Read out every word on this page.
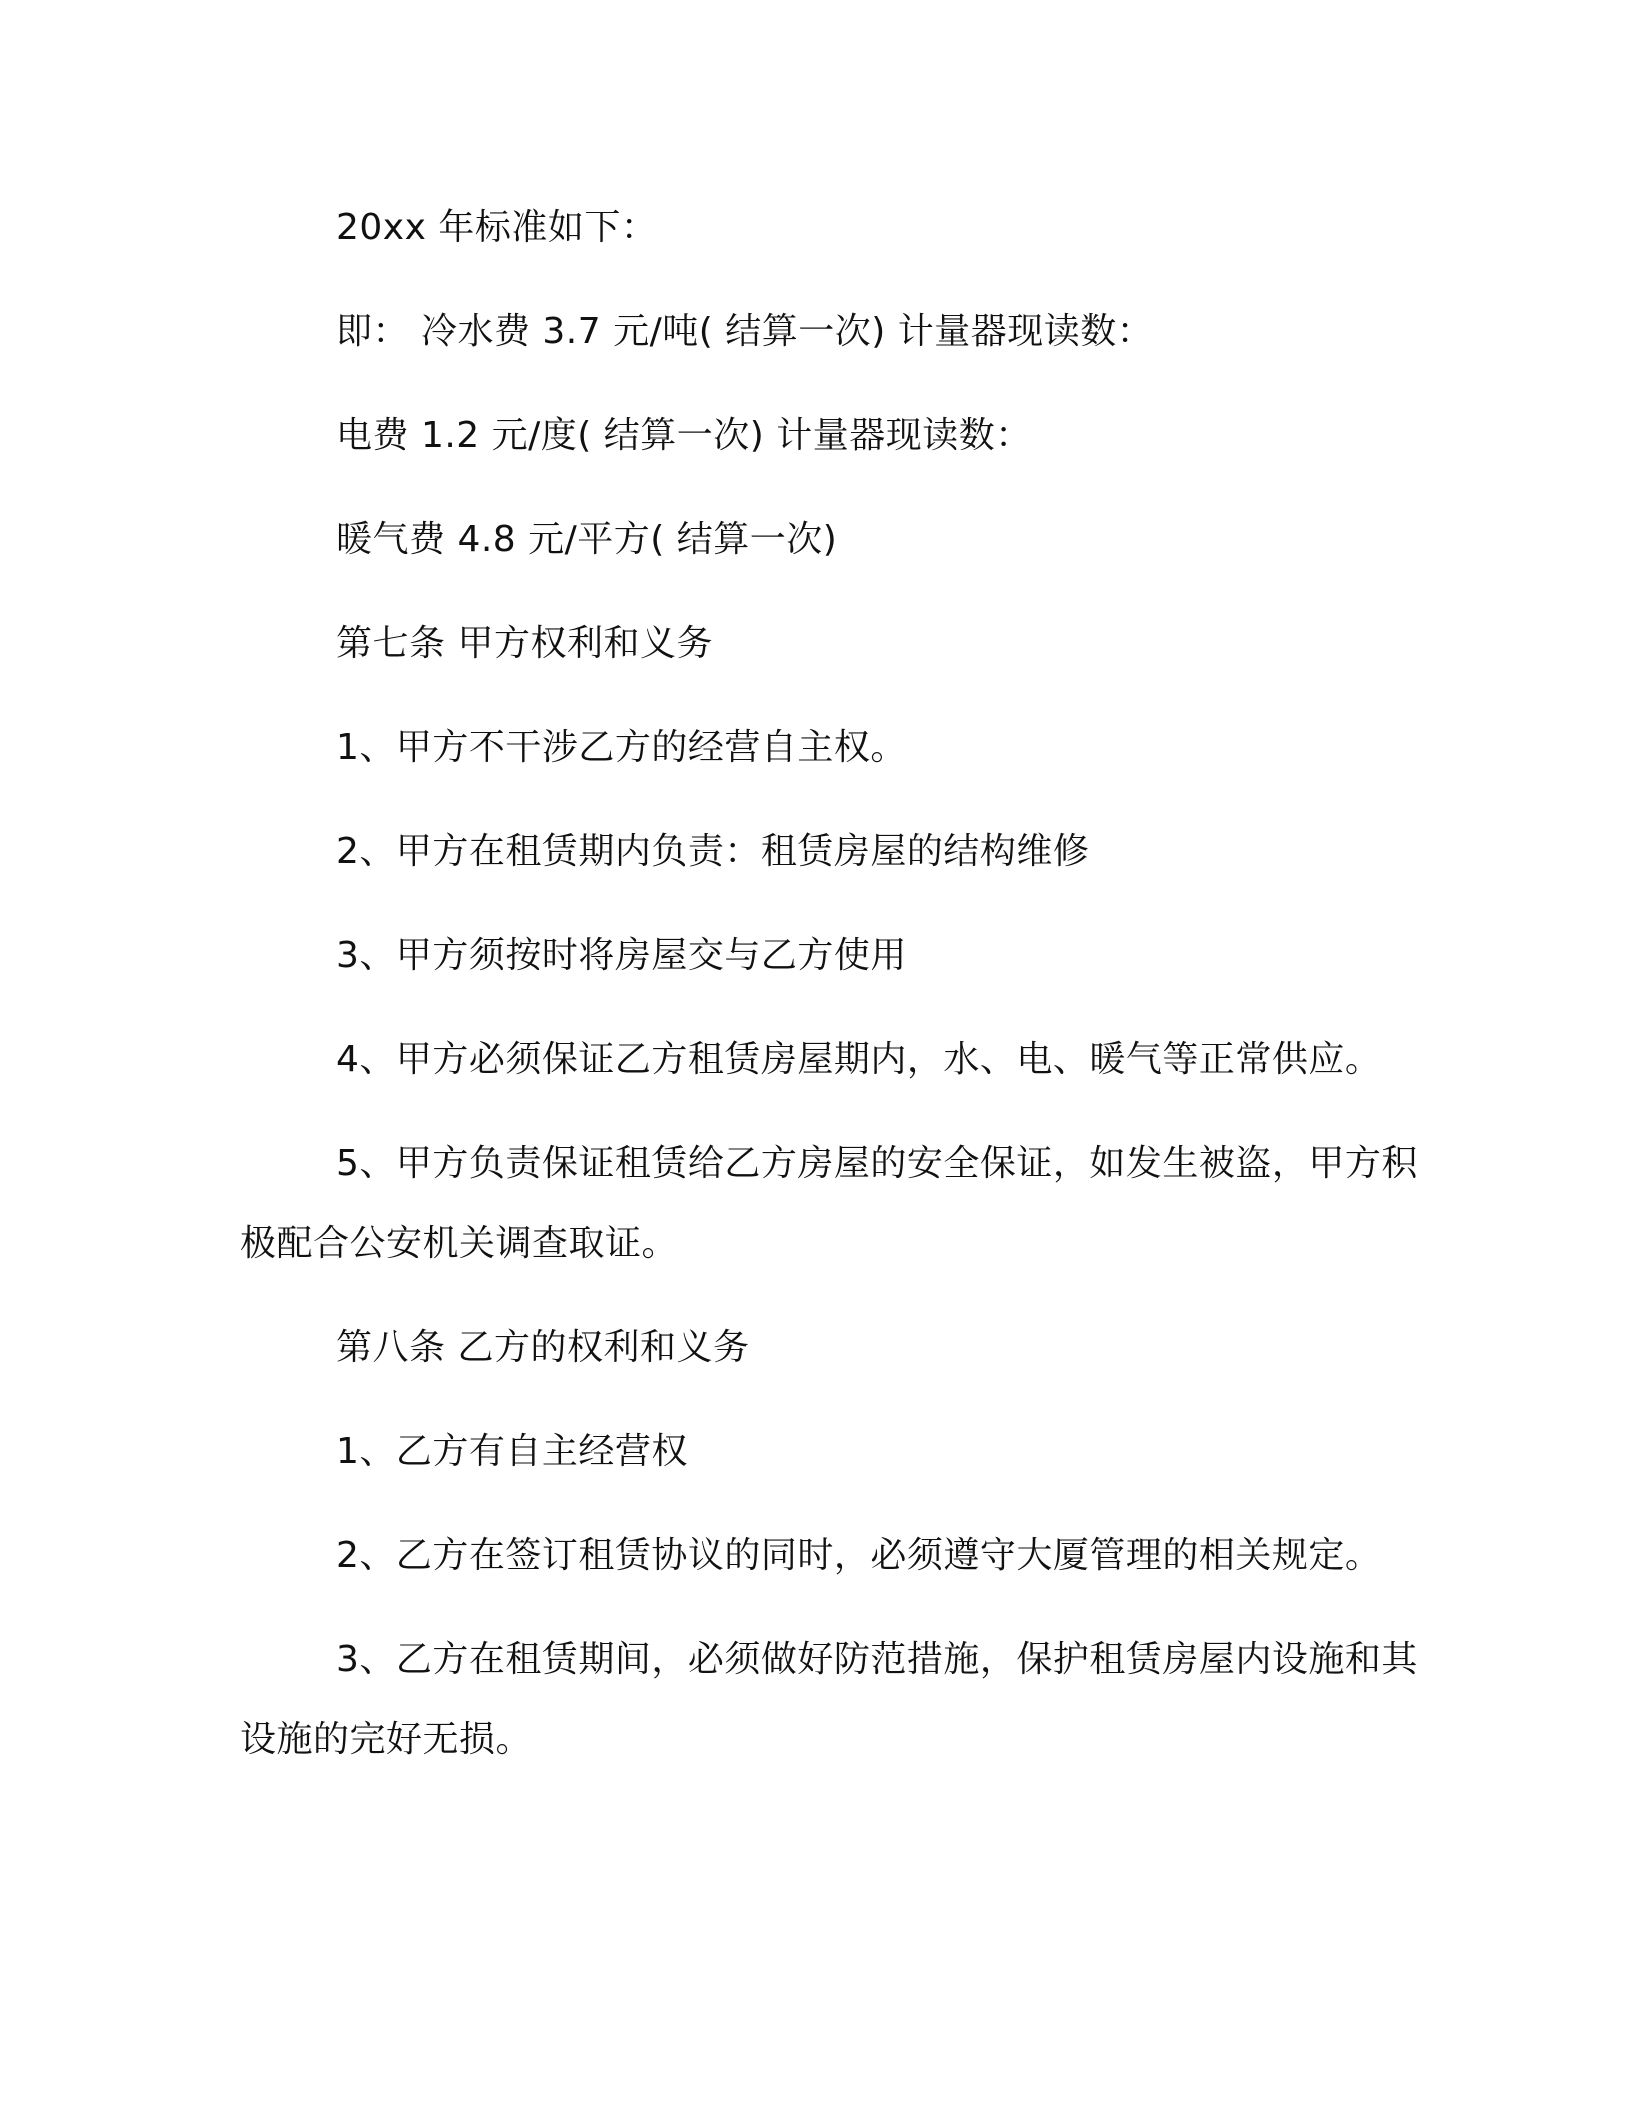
20xx 年标准如下：

即： 冷水费 3.7 元/吨( 结算一次) 计量器现读数：

电费 1.2 元/度( 结算一次) 计量器现读数：

暖气费 4.8 元/平方( 结算一次)

第七条 甲方权利和义务

1、甲方不干涉乙方的经营自主权。

2、甲方在租赁期内负责：租赁房屋的结构维修

3、甲方须按时将房屋交与乙方使用

4、甲方必须保证乙方租赁房屋期内，水、电、暖气等正常供应。

5、甲方负责保证租赁给乙方房屋的安全保证，如发生被盗，甲方积极配合公安机关调查取证。

第八条 乙方的权利和义务

1、乙方有自主经营权

2、乙方在签订租赁协议的同时，必须遵守大厦管理的相关规定。

3、乙方在租赁期间，必须做好防范措施，保护租赁房屋内设施和其设施的完好无损。
